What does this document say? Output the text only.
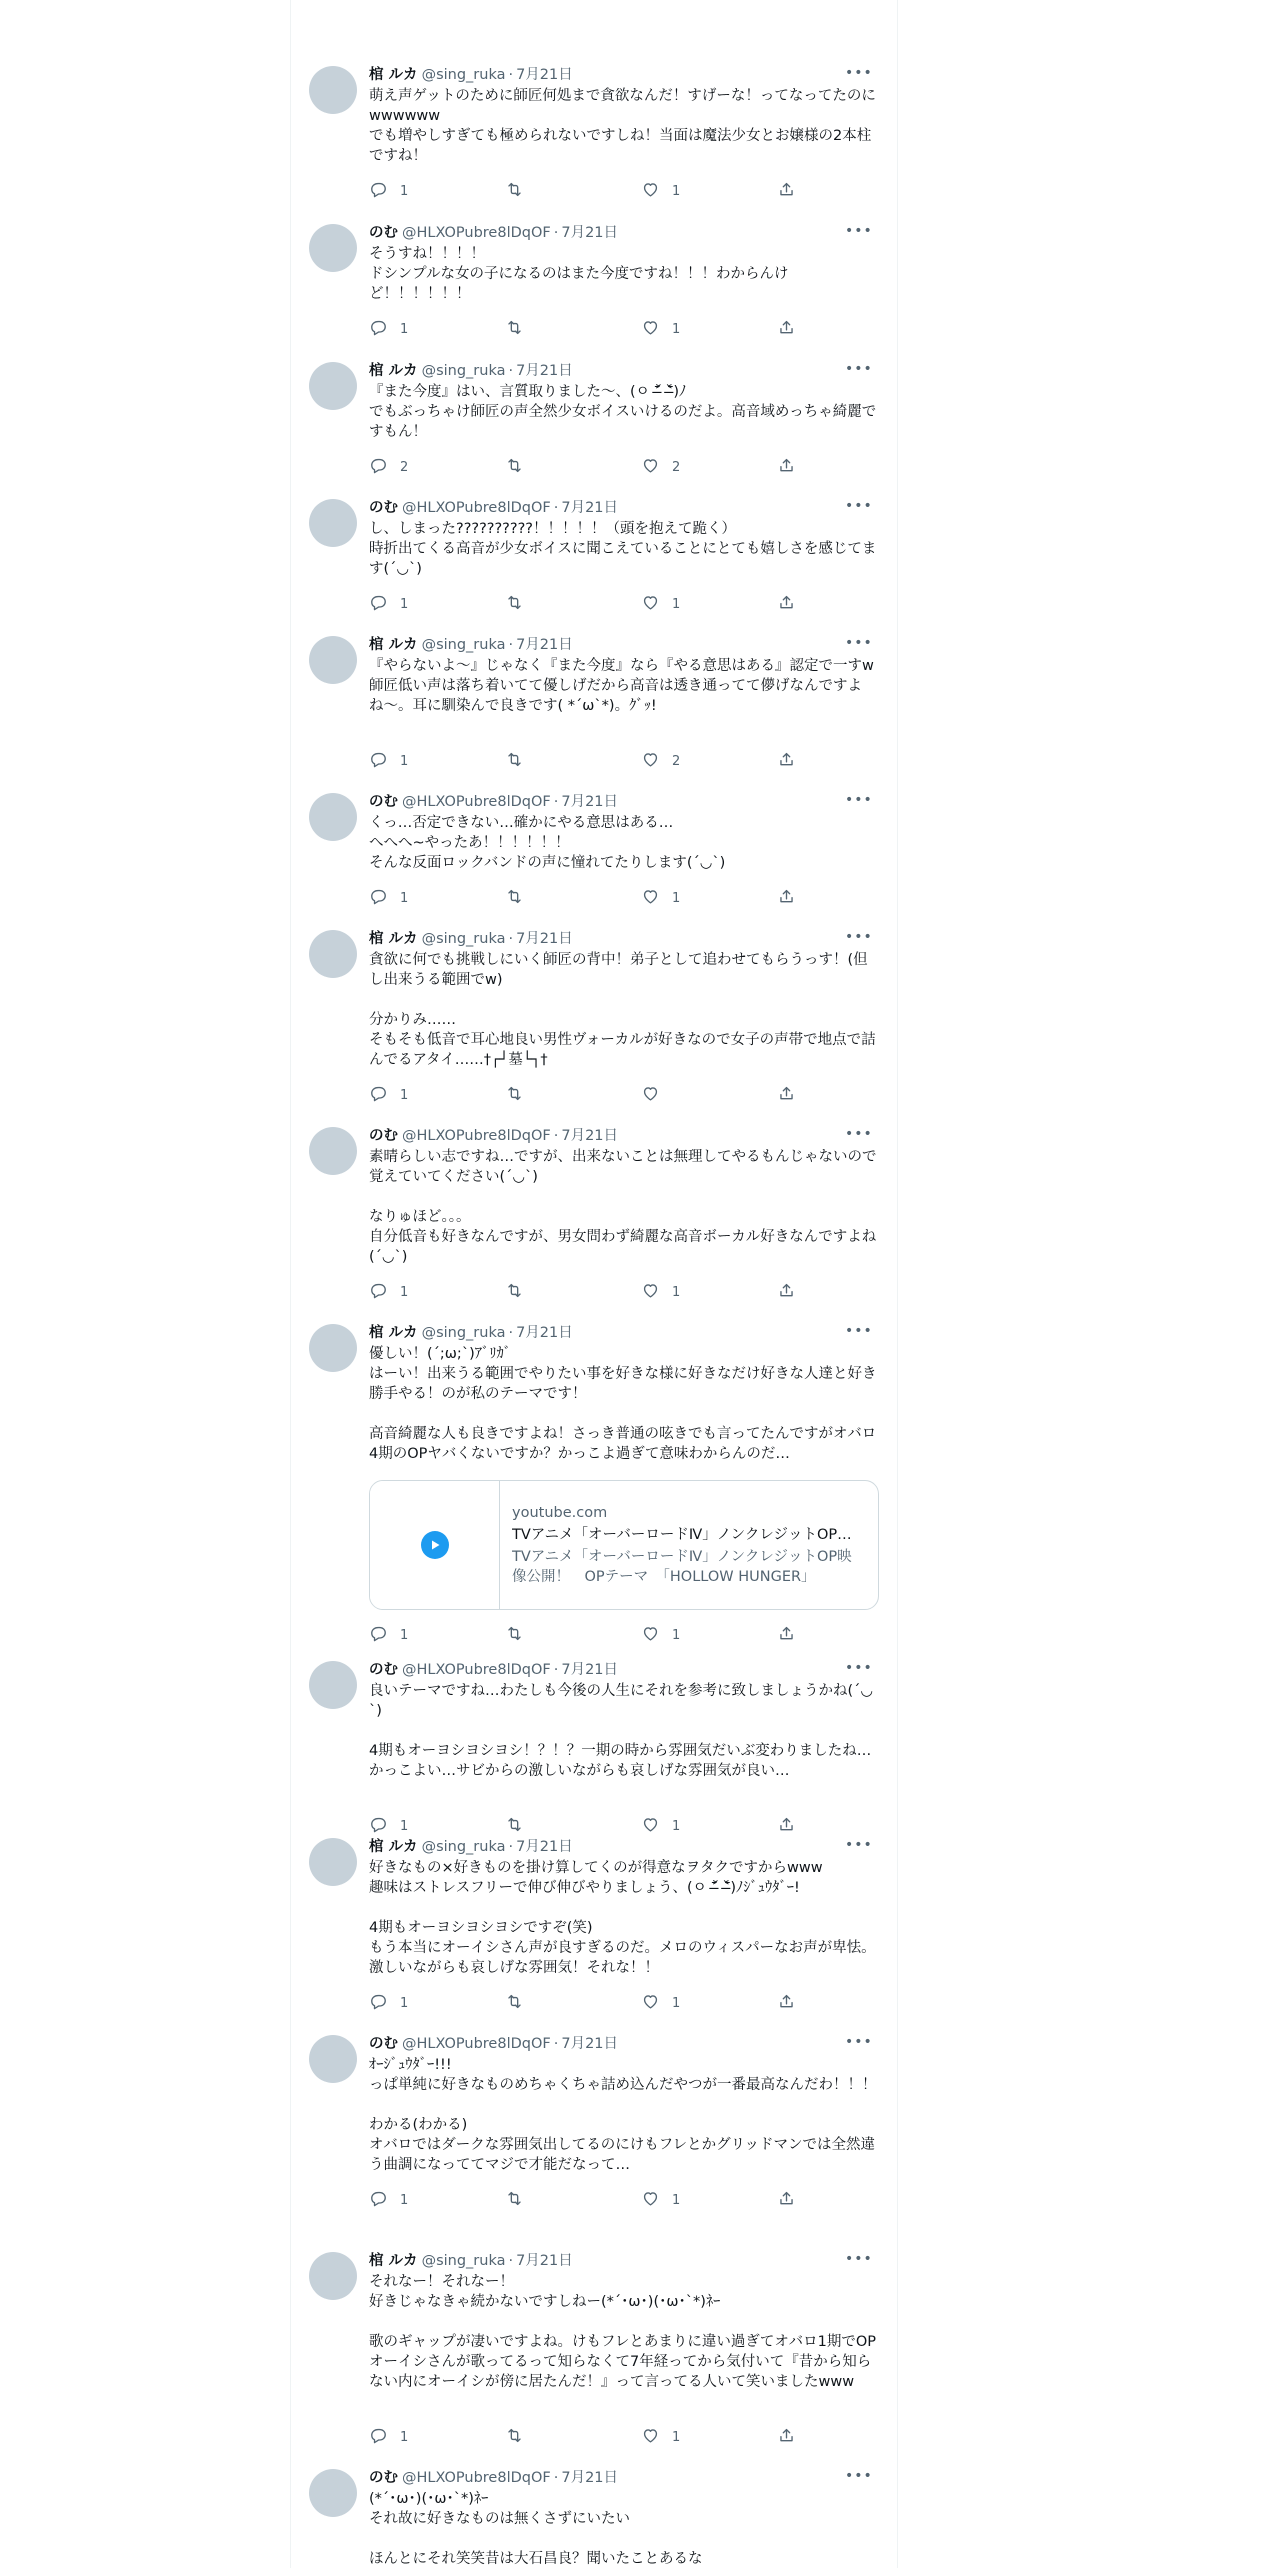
棺 ルカ @sing_ruka · 7月21日	•••
萌え声ゲットのために師匠何処まで貪欲なんだ！すげーな！ってなってたのにwwwwww
でも増やしすぎても極められないですしね！当面は魔法少女とお嬢様の2本柱ですね！
1	1
のむ @HLXOPubre8lDqOF · 7月21日	•••
そうすね！！！！
ドシンプルな女の子になるのはまた今度ですね！！！わからんけど！！！！！！
1	1
棺 ルカ @sing_ruka · 7月21日	•••
『また今度』はい、言質取りました〜、(ㅇ ˃̶᷄ ˂̶᷅)ﾉ
でもぶっちゃけ師匠の声全然少女ボイスいけるのだよ。高音域めっちゃ綺麗ですもん！
2	2
のむ @HLXOPubre8lDqOF · 7月21日	•••
し、しまった??????????！！！！！（頭を抱えて跪く）
時折出てくる高音が少女ボイスに聞こえていることにとても嬉しさを感じてます(´◡`)
1	1
棺 ルカ @sing_ruka · 7月21日	•••
『やらないよ〜』じゃなく『また今度』なら『やる意思はある』認定で一すw
師匠低い声は落ち着いてて優しげだから高音は透き通ってて儚げなんですよね〜。耳に馴染んで良きです( *´ω`*)。ｸﾞｯ!
1	2
のむ @HLXOPubre8lDqOF · 7月21日	•••
くっ…否定できない…確かにやる意思はある…
へへへ~やったあ！！！！！！
そんな反面ロックバンドの声に憧れてたりします(´◡`)
1	1
棺 ルカ @sing_ruka · 7月21日	•••
貪欲に何でも挑戦しにいく師匠の背中！弟子として追わせてもらうっす！(但し出来うる範囲でw)

分かりみ……
そもそも低音で耳心地良い男性ヴォーカルが好きなので女子の声帯で地点で詰んでるアタイ……†┌┘墓└┐†
1
のむ @HLXOPubre8lDqOF · 7月21日	•••
素晴らしい志ですね…ですが、出来ないことは無理してやるもんじゃないので覚えていてください(´◡`)

なりゅほど。。。
自分低音も好きなんですが、男女問わず綺麗な高音ボーカル好きなんですよね(´◡`)
1	1
棺 ルカ @sing_ruka · 7月21日	•••
優しい！(´;ω;`)ｱﾞﾘｶﾞ
はーい！出来うる範囲でやりたい事を好きな様に好きなだけ好きな人達と好き勝手やる！のが私のテーマです！

高音綺麗な人も良きですよね！さっき普通の呟きでも言ってたんですがオバロ4期のOPヤバくないですか？かっこよ過ぎて意味わからんのだ…
youtube.com
TVアニメ「オーバーロードⅣ」ノンクレジットOP映像
TVアニメ「オーバーロードⅣ」ノンクレジットOP映像公開！　OPテーマ　「HOLLOW HUNGER」
1	1
のむ @HLXOPubre8lDqOF · 7月21日	•••
良いテーマですね…わたしも今後の人生にそれを参考に致しましょうかね(´◡`)

4期もオーヨシヨシヨシ！？！？一期の時から雰囲気だいぶ変わりましたね…かっこよい…サビからの激しいながらも哀しげな雰囲気が良い…
1	1
棺 ルカ @sing_ruka · 7月21日	•••
好きなもの×好きものを掛け算してくのが得意なヲタクですからwww
趣味はストレスフリーで伸び伸びやりましょう、(ㅇ ˃̶᷄ ˂̶᷅)ﾉｼﾞｭｳﾀﾞｰ!

4期もオーヨシヨシヨシですぞ(笑)
もう本当にオーイシさん声が良すぎるのだ。メロのウィスパーなお声が卑怯。激しいながらも哀しげな雰囲気！それな！！
1	1
のむ @HLXOPubre8lDqOF · 7月21日	•••
ｵｰｼﾞｭｳﾀﾞｰ!!!
っぱ単純に好きなものめちゃくちゃ詰め込んだやつが一番最高なんだわ！！！

わかる(わかる)
オバロではダークな雰囲気出してるのにけもフレとかグリッドマンでは全然違う曲調になっててマジで才能だなって…
1	1
棺 ルカ @sing_ruka · 7月21日	•••
それなー！それなー！
好きじゃなきゃ続かないですしねー(*´･ω･)(･ω･`*)ﾈｰ

歌のギャップが凄いですよね。けもフレとあまりに違い過ぎてオバロ1期でOPオーイシさんが歌ってるって知らなくて7年経ってから気付いて『昔から知らない内にオーイシが傍に居たんだ！』って言ってる人いて笑いましたwww
1	1
のむ @HLXOPubre8lDqOF · 7月21日	•••
(*´･ω･)(･ω･`*)ﾈｰ
それ故に好きなものは無くさずにいたい

ほんとにそれ笑笑昔は大石昌良？聞いたことあるな
